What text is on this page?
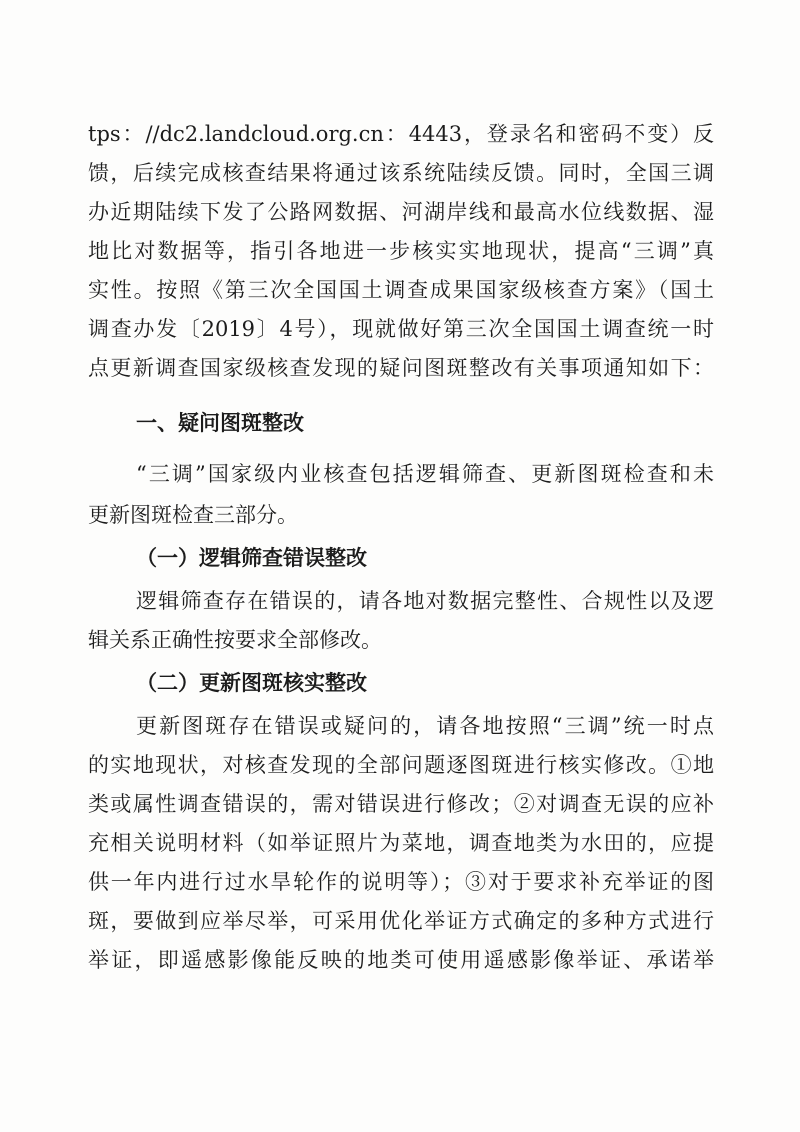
tps：//dc2.landcloud.org.cn：4443，登录名和密码不变）反
馈，后续完成核查结果将通过该系统陆续反馈。同时，全国三调
办近期陆续下发了公路网数据、河湖岸线和最高水位线数据、湿
地比对数据等，指引各地进一步核实实地现状，提高“三调”真
实性。按照《第三次全国国土调查成果国家级核查方案》（国土
调查办发〔2019〕4号），现就做好第三次全国国土调查统一时
点更新调查国家级核查发现的疑问图斑整改有关事项通知如下：
一、疑问图斑整改
“三调”国家级内业核查包括逻辑筛查、更新图斑检查和未
更新图斑检查三部分。
（一）逻辑筛查错误整改
逻辑筛查存在错误的，请各地对数据完整性、合规性以及逻
辑关系正确性按要求全部修改。
（二）更新图斑核实整改
更新图斑存在错误或疑问的，请各地按照“三调”统一时点
的实地现状，对核查发现的全部问题逐图斑进行核实修改。①地
类或属性调查错误的，需对错误进行修改；②对调查无误的应补
充相关说明材料（如举证照片为菜地，调查地类为水田的，应提
供一年内进行过水旱轮作的说明等）；③对于要求补充举证的图
斑，要做到应举尽举，可采用优化举证方式确定的多种方式进行
举证，即遥感影像能反映的地类可使用遥感影像举证、承诺举
